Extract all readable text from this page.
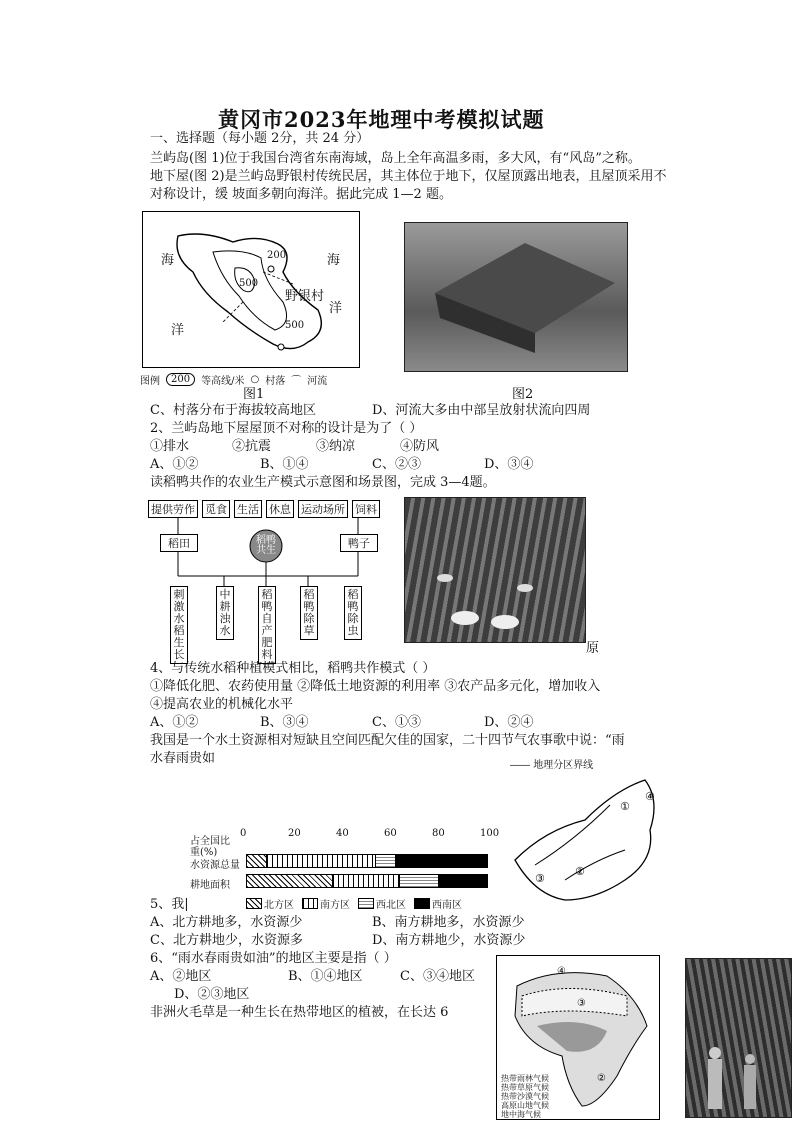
黄冈市2023年地理中考模拟试题
一、选择题（每小题 2分，共 24 分）
兰屿岛(图 1)位于我国台湾省东南海域，岛上全年高温多雨，多大风，有“风岛”之称。
地下屋(图 2)是兰屿岛野银村传统民居，其主体位于地下，仅屋顶露出地表，且屋顶采用不
对称设计，缓 坡面多朝向海洋。据此完成 1—2 题。
海	海
洋
洋
野银村
200
500
500
图例	200	等高线/米 ○ 村落 ⌒ 河流
图1	图2
C、村落分布于海拔较高地区	D、河流大多由中部呈放射状流向四周
2、兰屿岛地下屋屋顶不对称的设计是为了（ ）
①排水	②抗震	③纳凉	④防风
A、①②	B、①④	C、②③	D、③④
读稻鸭共作的农业生产模式示意图和场景图，完成 3—4题。
提供劳作 觅食 生活 休息 运动场所 饲料
稻田	鸭子
稻鸭共生
刺激水稻生长
中耕浊水
稻鸭自产肥料
稻鸭除草
稻鸭除虫
原
4、与传统水稻种植模式相比，稻鸭共作模式（ ）
①降低化肥、农药使用量 ②降低土地资源的利用率 ③农产品多元化，增加收入
④提高农业的机械化水平
A、①②	B、③④	C、①③	D、②④
我国是一个水土资源相对短缺且空间匹配欠佳的国家，二十四节气农事歌中说：“雨
水春雨贵如	―― 地理分区界线
①
②
③
④
占全国比重(%)
0	20	40	60	80	100
水资源总量
耕地面积
北方区	南方区	西北区	西南区
5、我|
A、北方耕地多，水资源少	B、南方耕地多，水资源少
C、北方耕地少，水资源多	D、南方耕地少，水资源少
6、“雨水春雨贵如油”的地区主要是指（ ）
A、②地区	B、①④地区	C、③④地区
D、②③地区
非洲火毛草是一种生长在热带地区的植被，在长达 6
③
②
④
热带雨林气候
热带草原气候
热带沙漠气候
高原山地气候
地中海气候
